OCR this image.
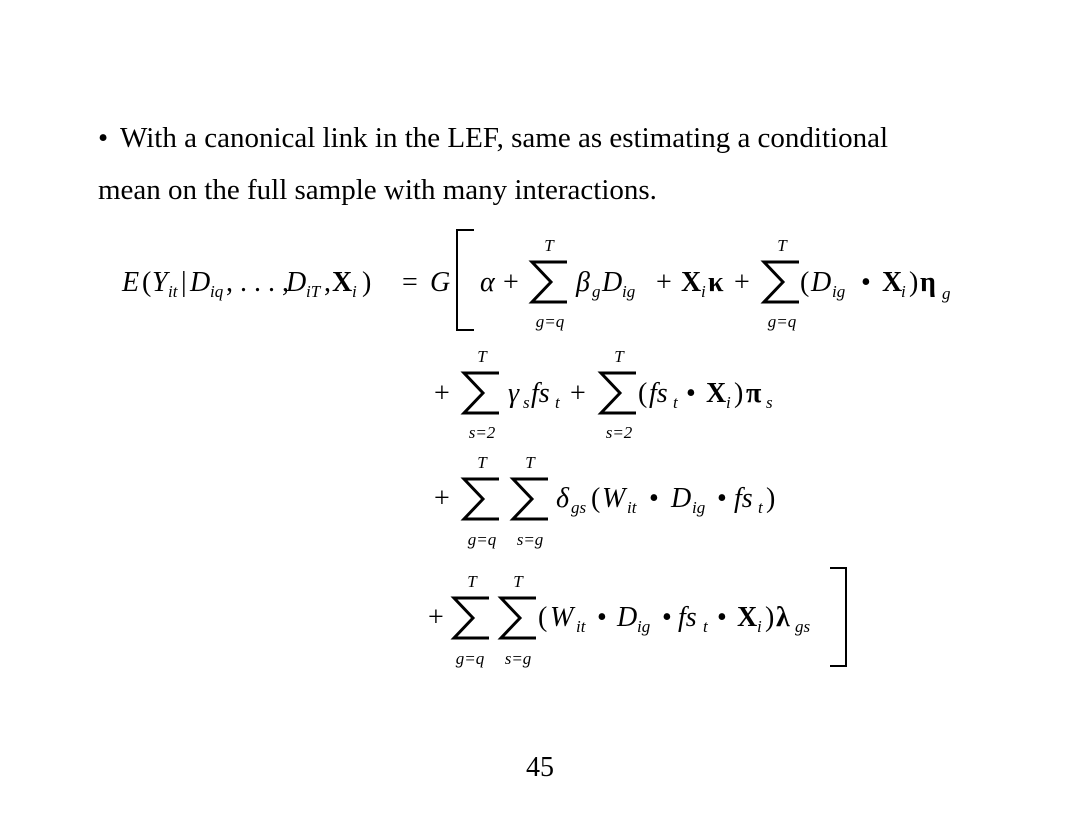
• With a canonical link in the LEF, same as estimating a conditional
mean on the full sample with many interactions.
E ( Y it | D iq , . . . ,
D iT , X i ) = G α +
T
g=q
β g D ig + X i κ +
T
g=q
( D ig • X
i ) η g
+
T
s=2
γ s fs t +
T
s=2
( fs t • X i ) π s
+
T
g=q
T
s=g
δ gs ( W it • D ig • fs t )
+
T
g=q
T
s=g
( W it • D ig • fs t • X i ) λ gs
45
